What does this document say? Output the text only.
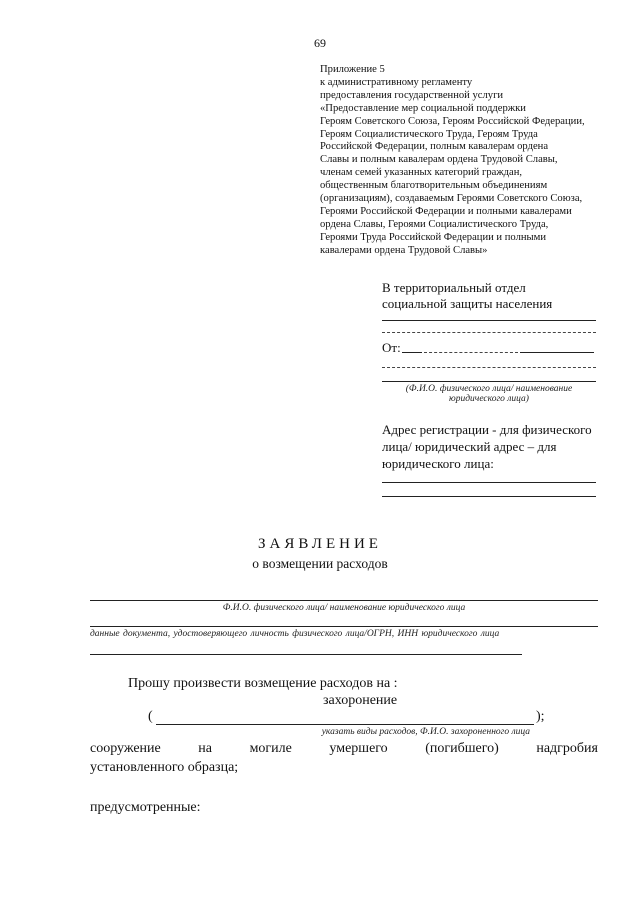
69
Приложение 5
к административному регламенту
предоставления государственной услуги
«Предоставление мер социальной поддержки
Героям Советского Союза, Героям Российской Федерации,
Героям Социалистического Труда, Героям Труда
Российской Федерации, полным кавалерам ордена
Славы и полным кавалерам ордена Трудовой Славы,
членам семей указанных категорий граждан,
общественным благотворительным объединениям
(организациям), создаваемым Героями Советского Союза,
Героями Российской Федерации и полными кавалерами
ордена Славы, Героями Социалистического Труда,
Героями Труда Российской Федерации и полными
кавалерами ордена Трудовой Славы»
В территориальный отдел
социальной защиты населения
От:
(Ф.И.О. физического лица/ наименование
юридического лица)
Адрес регистрации - для физического лица/ юридический адрес – для юридического лица:
ЗАЯВЛЕНИЕ
о возмещении расходов
Ф.И.О. физического лица/ наименование юридического лица
данные документа, удостоверяющего личность физического лица/ОГРН, ИНН юридического лица
Прошу произвести возмещение расходов на :
захоронение
(	);
указать виды расходов, Ф.И.О. захороненного лица
сооружение	на	могиле	умершего	(погибшего)	надгробия
установленного образца;
предусмотренные:
